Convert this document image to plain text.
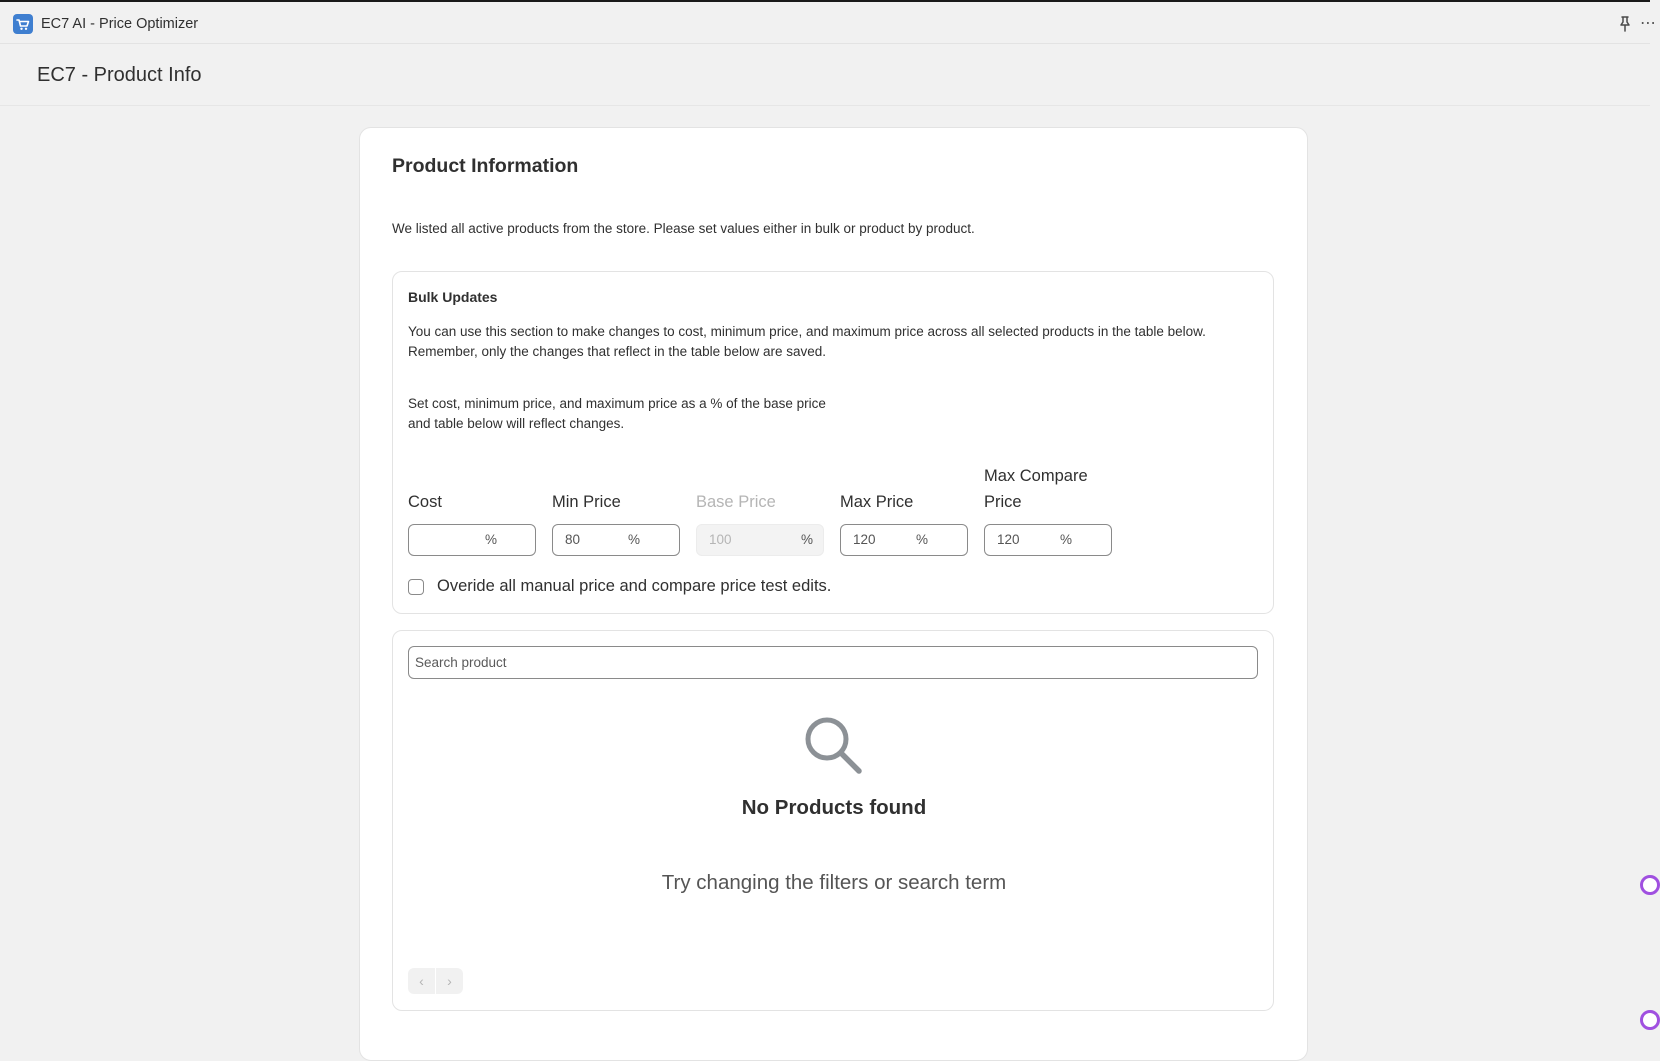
EC7 AI - Price Optimizer	⋯
EC7 - Product Info
Product Information
We listed all active products from the store. Please set values either in bulk or product by product.
Bulk Updates
You can use this section to make changes to cost, minimum price, and maximum price across all selected products in the table below. Remember, only the changes that reflect in the table below are saved.
Set cost, minimum price, and maximum price as a % of the base price and table below will reflect changes.
Cost
%
Min Price
80	%
Base Price
100	%
Max Price
120	%
Max Compare Price
120	%
Overide all manual price and compare price test edits.
Search product
No Products found
Try changing the filters or search term
‹	›
